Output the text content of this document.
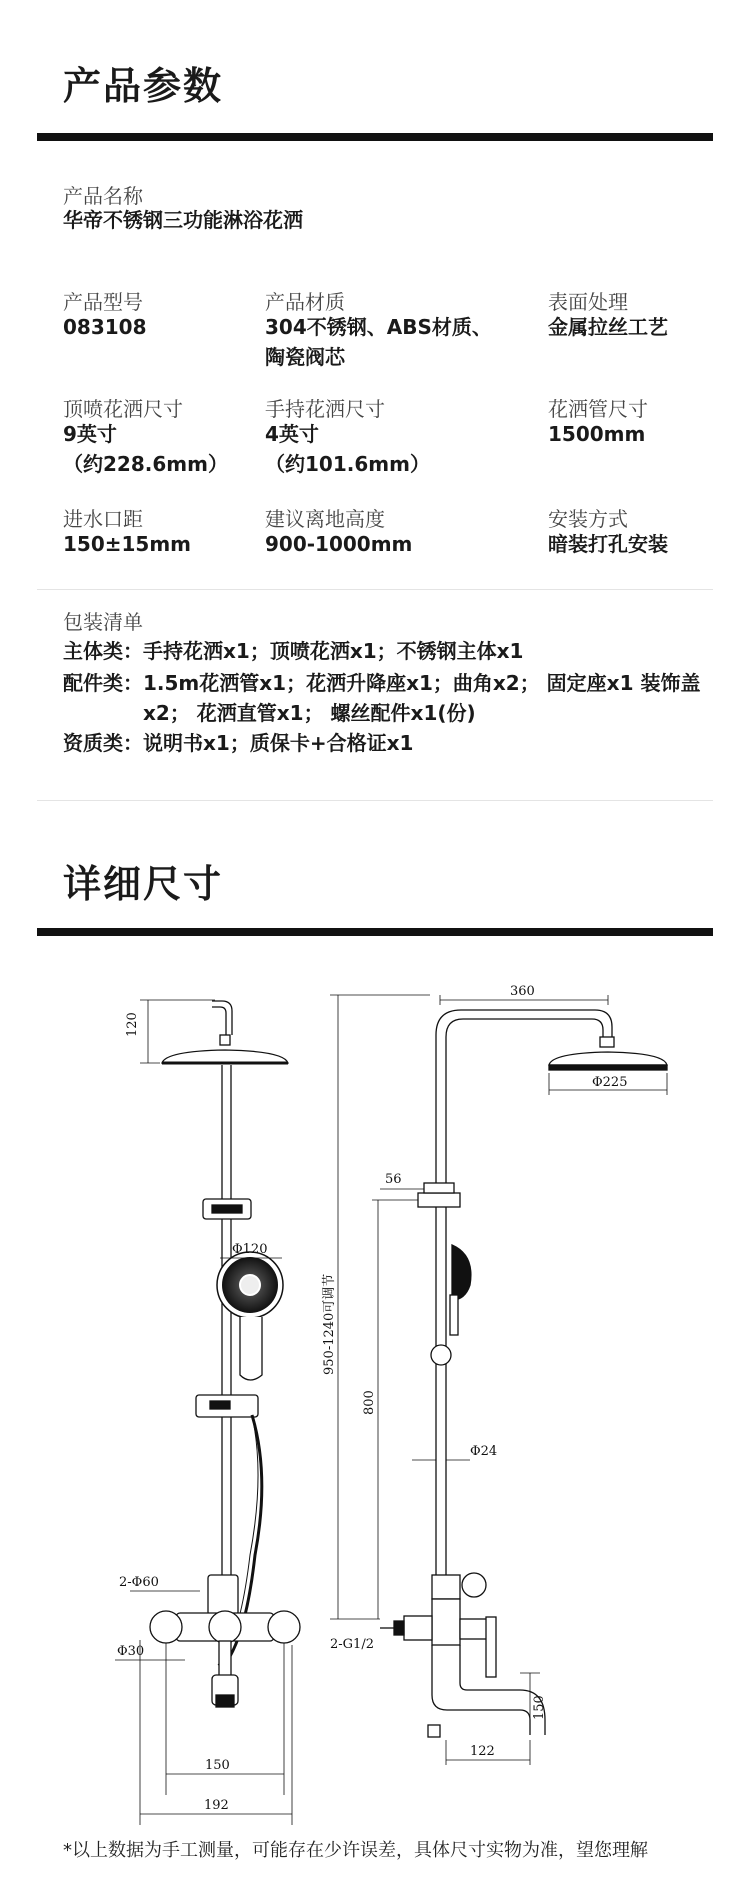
产品参数
产品名称
华帝不锈钢三功能淋浴花洒
产品型号
083108
产品材质
304不锈钢、ABS材质、陶瓷阀芯
表面处理
金属拉丝工艺
顶喷花洒尺寸
9英寸
（约228.6mm）
手持花洒尺寸
4英寸
（约101.6mm）
花洒管尺寸
1500mm
进水口距
150±15mm
建议离地高度
900-1000mm
安装方式
暗装打孔安装
包装清单
主体类： 手持花洒x1；顶喷花洒x1；不锈钢主体x1
配件类： 1.5m花洒管x1；花洒升降座x1；曲角x2； 固定座x1 装饰盖x2； 花洒直管x1； 螺丝配件x1(份)
资质类： 说明书x1；质保卡+合格证x1
详细尺寸
120
Φ120
2-Φ60
Φ30
150
192
360
Φ225
56
950-1240可调节
800
Φ24
2-G1/2
150
122
*以上数据为手工测量，可能存在少许误差，具体尺寸实物为准，望您理解
